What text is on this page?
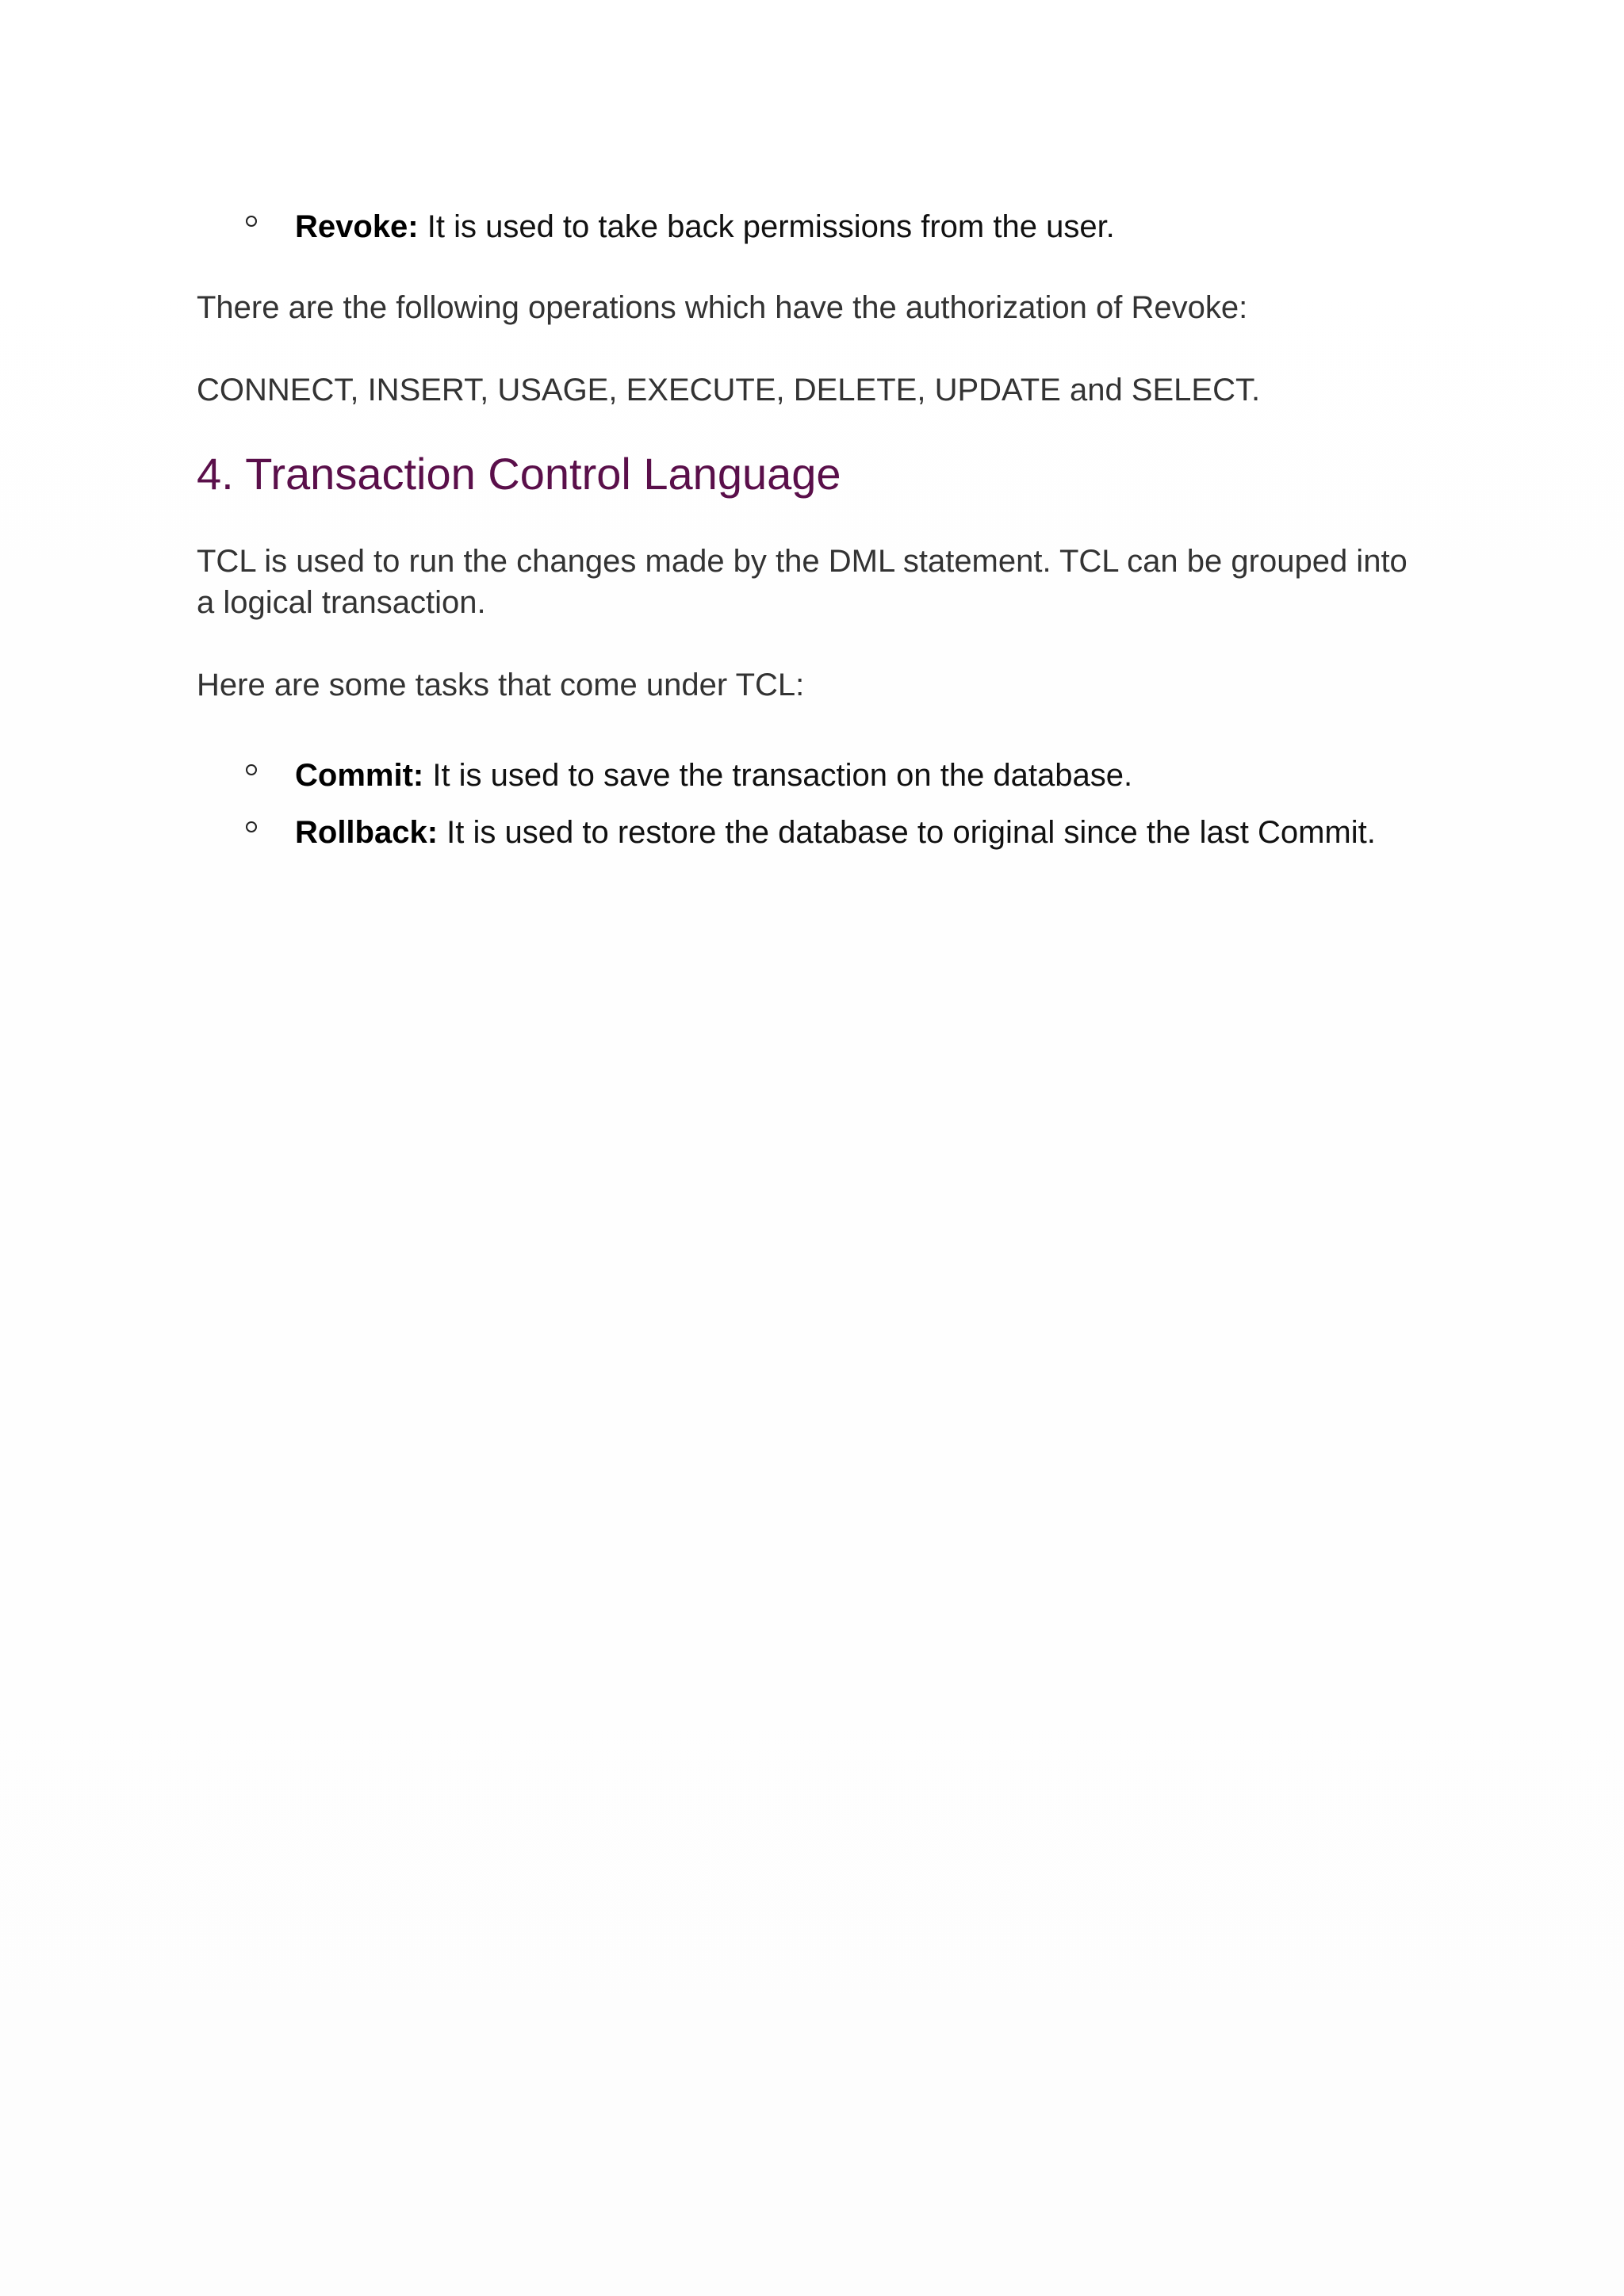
Revoke: It is used to take back permissions from the user.
There are the following operations which have the authorization of Revoke:
CONNECT, INSERT, USAGE, EXECUTE, DELETE, UPDATE and SELECT.
4. Transaction Control Language
TCL is used to run the changes made by the DML statement. TCL can be grouped into a logical transaction.
Here are some tasks that come under TCL:
Commit: It is used to save the transaction on the database.
Rollback: It is used to restore the database to original since the last Commit.
